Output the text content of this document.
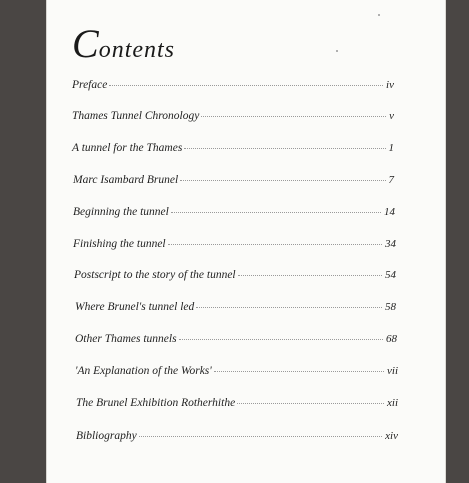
Contents
Preface	iv
Thames Tunnel Chronology	v
A tunnel for the Thames	1
Marc Isambard Brunel	7
Beginning the tunnel	14
Finishing the tunnel	34
Postscript to the story of the tunnel	54
Where Brunel's tunnel led	58
Other Thames tunnels	68
'An Explanation of the Works'	vii
The Brunel Exhibition Rotherhithe	xii
Bibliography	xiv
